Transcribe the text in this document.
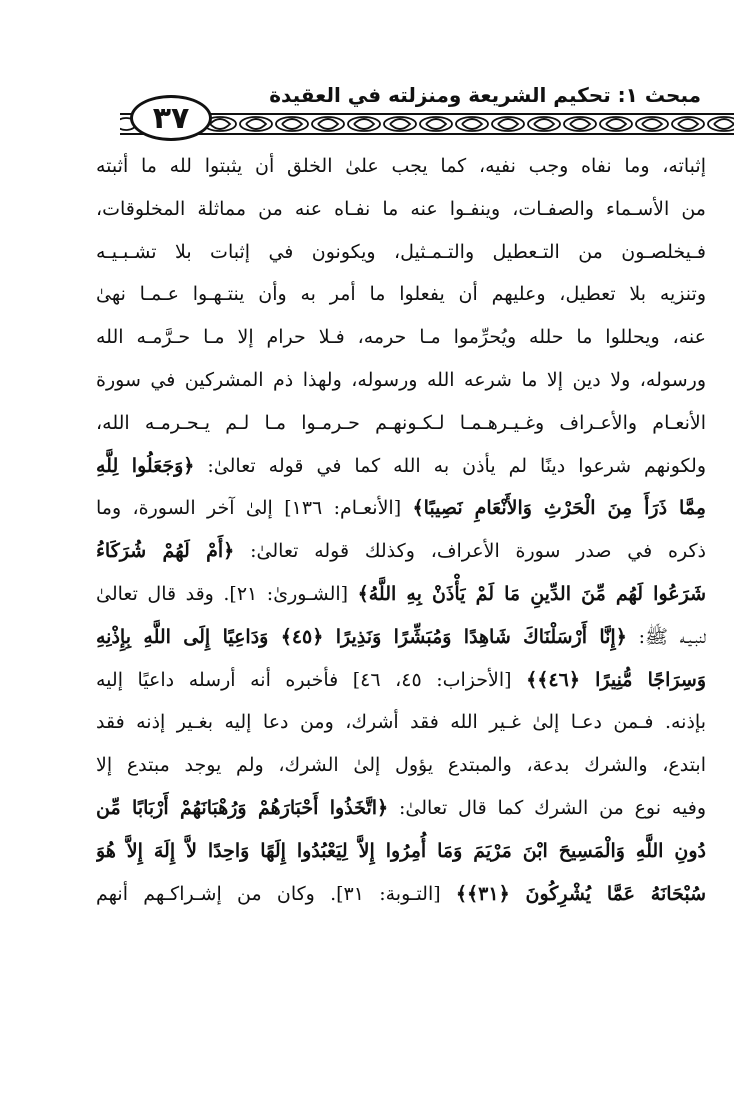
مبحث ١: تحكيم الشريعة ومنزلته في العقيدة
٣٧
إثباته، وما نفاه وجب نفيه، كما يجب علىٰ الخلق أن يثبتوا لله ما أثبته
من الأسـماء والصفـات، وينفـوا عنه ما نفـاه عنه من مماثلة المخلوقات،
فـيخلصـون من التـعطيل والتـمـثيل، ويكونون في إثبات بلا تشـبـيـه
وتنزيه بلا تعطيل، وعليهم أن يفعلوا ما أمر به وأن ينتـهـوا عـمـا نهىٰ
عنه، ويحللوا ما حلله ويُحرِّموا مـا حرمه، فـلا حرام إلا مـا حـرَّمـه الله
ورسوله، ولا دين إلا ما شرعه الله ورسوله، ولهذا ذم المشركين في سورة
الأنعـام والأعـراف وغـيـرهـمـا لـكـونهـم حـرمـوا مـا لـم يـحـرمـه الله،
ولكونهم شرعوا دينًا لم يأذن به الله كما في قوله تعالىٰ: ﴿وَجَعَلُوا لِلَّهِ
مِمَّا ذَرَأَ مِنَ الْحَرْثِ وَالأَنْعَامِ نَصِيبًا﴾ [الأنعـام: ١٣٦] إلىٰ آخر السورة، وما
ذكره في صدر سورة الأعراف، وكذلك قوله تعالىٰ: ﴿أَمْ لَهُمْ شُرَكَاءُ
شَرَعُوا لَهُم مِّنَ الدِّينِ مَا لَمْ يَأْذَنْ بِهِ اللَّهُ﴾ [الشـورىٰ: ٢١]. وقد قال تعالىٰ
لنبـيـه ﷺ: ﴿إِنَّا أَرْسَلْنَاكَ شَاهِدًا وَمُبَشِّرًا وَنَذِيرًا ﴿٤٥﴾ وَدَاعِيًا إِلَى اللَّهِ بِإِذْنِهِ
وَسِرَاجًا مُّنِيرًا ﴿٤٦﴾﴾ [الأحزاب: ٤٥، ٤٦] فأخبره أنه أرسله داعيًا إليه
بإذنه. فـمن دعـا إلىٰ غـير الله فقد أشرك، ومن دعا إليه بغـير إذنه فقد
ابتدع، والشرك بدعة، والمبتدع يؤول إلىٰ الشرك، ولم يوجد مبتدع إلا
وفيه نوع من الشرك كما قال تعالىٰ: ﴿اتَّخَذُوا أَحْبَارَهُمْ وَرُهْبَانَهُمْ أَرْبَابًا مِّن
دُونِ اللَّهِ وَالْمَسِيحَ ابْنَ مَرْيَمَ وَمَا أُمِرُوا إِلاَّ لِيَعْبُدُوا إِلَهًا وَاحِدًا لاَّ إِلَهَ إِلاَّ هُوَ
سُبْحَانَهُ عَمَّا يُشْرِكُونَ ﴿٣١﴾﴾ [التـوبة: ٣١]. وكان من إشـراكـهم أنهم
